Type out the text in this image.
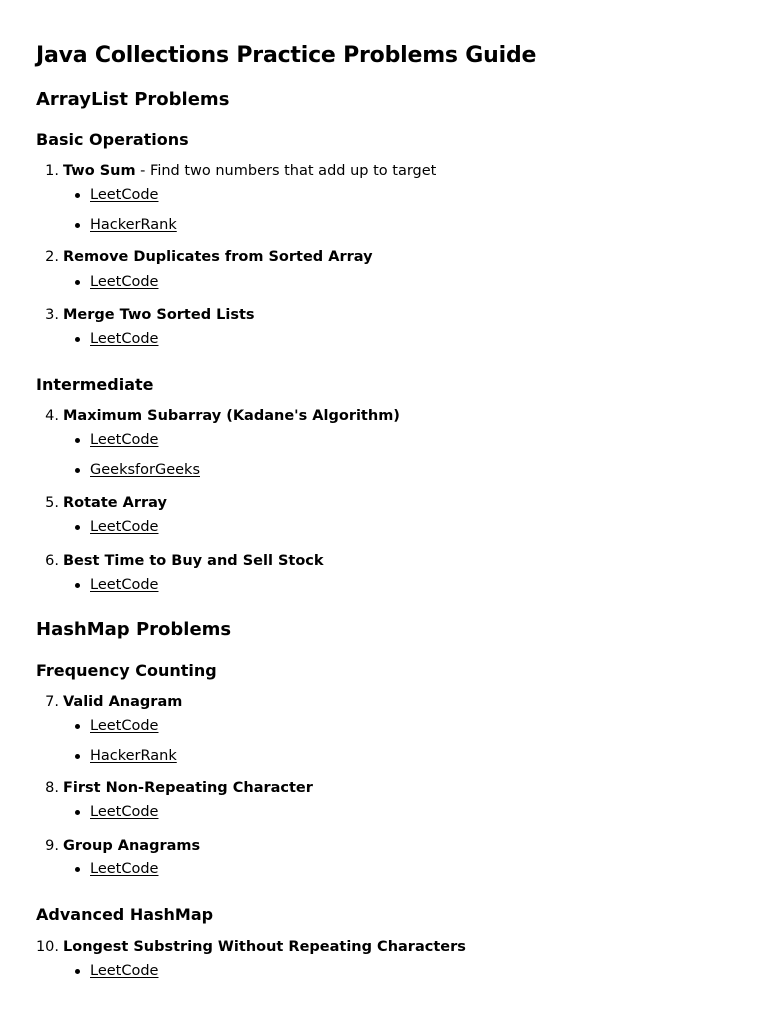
Java Collections Practice Problems Guide
ArrayList Problems
Basic Operations
1. Two Sum - Find two numbers that add up to target
LeetCode
HackerRank
2. Remove Duplicates from Sorted Array
LeetCode
3. Merge Two Sorted Lists
LeetCode
Intermediate
4. Maximum Subarray (Kadane's Algorithm)
LeetCode
GeeksforGeeks
5. Rotate Array
LeetCode
6. Best Time to Buy and Sell Stock
LeetCode
HashMap Problems
Frequency Counting
7. Valid Anagram
LeetCode
HackerRank
8. First Non-Repeating Character
LeetCode
9. Group Anagrams
LeetCode
Advanced HashMap
10. Longest Substring Without Repeating Characters
LeetCode
